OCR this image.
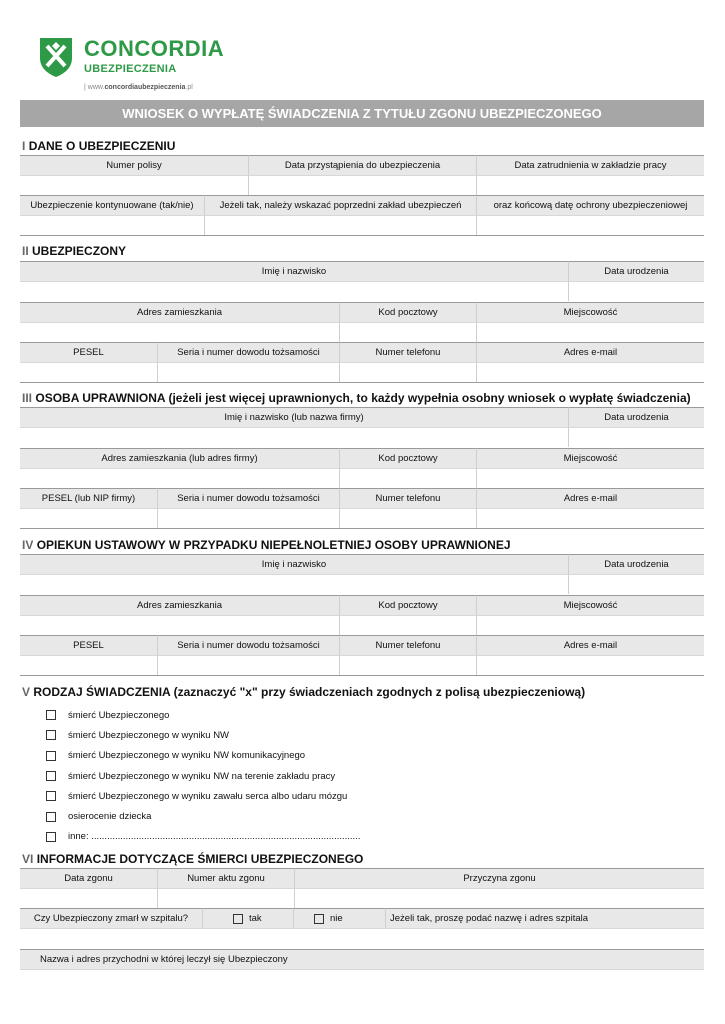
CONCORDIA
UBEZPIECZENIA
| www.concordiaubezpieczenia.pl
WNIOSEK O WYPŁATĘ ŚWIADCZENIA Z TYTUŁU ZGONU UBEZPIECZONEGO
I DANE O UBEZPIECZENIU
Numer polisy	Data przystąpienia do ubezpieczenia	Data zatrudnienia w zakładzie pracy
Ubezpieczenie kontynuowane (tak/nie)	Jeżeli tak, należy wskazać poprzedni zakład ubezpieczeń	oraz końcową datę ochrony ubezpieczeniowej
II UBEZPIECZONY
Imię i nazwisko	Data urodzenia
Adres zamieszkania	Kod pocztowy	Miejscowość
PESEL	Seria i numer dowodu tożsamości	Numer telefonu	Adres e-mail
III OSOBA UPRAWNIONA (jeżeli jest więcej uprawnionych, to każdy wypełnia osobny wniosek o wypłatę świadczenia)
Imię i nazwisko (lub nazwa firmy)	Data urodzenia
Adres zamieszkania (lub adres firmy)	Kod pocztowy	Miejscowość
PESEL (lub NIP firmy)	Seria i numer dowodu tożsamości	Numer telefonu	Adres e-mail
IV OPIEKUN USTAWOWY W PRZYPADKU NIEPEŁNOLETNIEJ OSOBY UPRAWNIONEJ
Imię i nazwisko	Data urodzenia
Adres zamieszkania	Kod pocztowy	Miejscowość
PESEL	Seria i numer dowodu tożsamości	Numer telefonu	Adres e-mail
V RODZAJ ŚWIADCZENIA (zaznaczyć "x" przy świadczeniach zgodnych z polisą ubezpieczeniową)
śmierć Ubezpieczonego
śmierć Ubezpieczonego w wyniku NW
śmierć Ubezpieczonego w wyniku NW komunikacyjnego
śmierć Ubezpieczonego w wyniku NW na terenie zakładu pracy
śmierć Ubezpieczonego w wyniku zawału serca albo udaru mózgu
osierocenie dziecka
inne: ......................................................................................................
VI INFORMACJE DOTYCZĄCE ŚMIERCI UBEZPIECZONEGO
Data zgonu	Numer aktu zgonu	Przyczyna zgonu
Czy Ubezpieczony zmarł w szpitalu?	tak	nie	Jeżeli tak, proszę podać nazwę i adres szpitala
Nazwa i adres przychodni w której leczył się Ubezpieczony
